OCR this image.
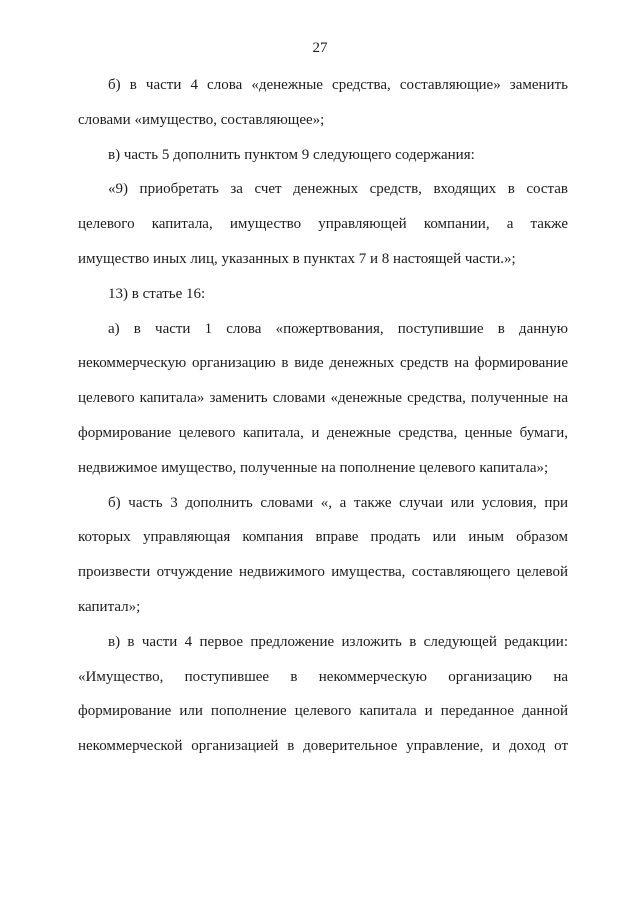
27
б) в части 4 слова «денежные средства, составляющие» заменить
словами «имущество, составляющее»;
в) часть 5 дополнить пунктом 9 следующего содержания:
«9) приобретать за счет денежных средств, входящих в состав
целевого капитала, имущество управляющей компании, а также
имущество иных лиц, указанных в пунктах 7 и 8 настоящей части.»;
13) в статье 16:
а) в части 1 слова «пожертвования, поступившие в данную
некоммерческую организацию в виде денежных средств на формирование
целевого капитала» заменить словами «денежные средства, полученные на
формирование целевого капитала, и денежные средства, ценные бумаги,
недвижимое имущество, полученные на пополнение целевого капитала»;
б) часть 3 дополнить словами «, а также случаи или условия, при
которых управляющая компания вправе продать или иным образом
произвести отчуждение недвижимого имущества, составляющего целевой
капитал»;
в) в части 4 первое предложение изложить в следующей редакции:
«Имущество, поступившее в некоммерческую организацию на
формирование или пополнение целевого капитала и переданное данной
некоммерческой организацией в доверительное управление, и доход от
